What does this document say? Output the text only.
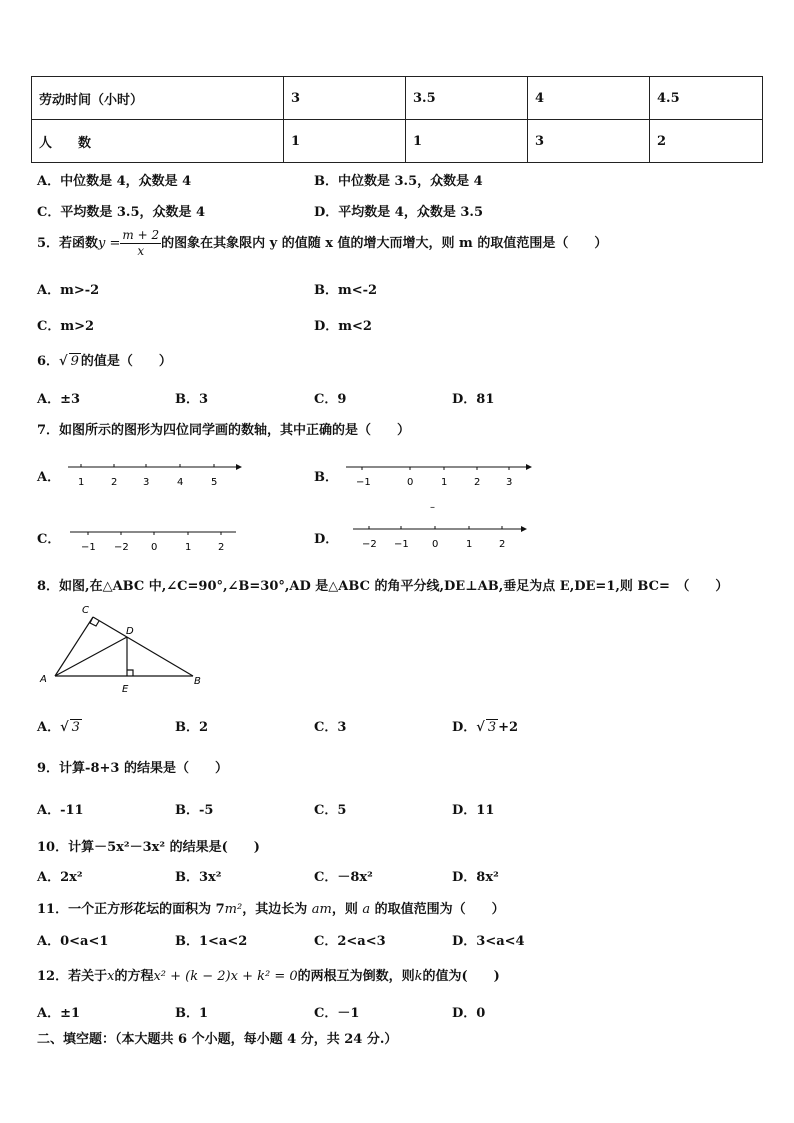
劳动时间（小时）	3	3.5	4	4.5
人　　数	1	1	3	2
A．中位数是 4，众数是 4	B．中位数是 3.5，众数是 4
C．平均数是 3.5，众数是 4	D．平均数是 4，众数是 3.5
5．若函数$y = \frac{m + 2}{x}$ 的图象在其象限内 y 的值随 x 值的增大而增大，则 m 的取值范围是（　　）
A．m>-2	B．m<-2
C．m>2	D．m<2
6．√ 9 的值是（　　）
A．±3	B．3	C．9	D．81
7．如图所示的图形为四位同学画的数轴，其中正确的是（　　）
A．	B．
C．	D．
1	2	3	4	5	−1	0	1	2	3
–
−1 −2 0	1	2	−2 −1 0	1	2
8．如图,在△ABC 中,∠C=90°,∠B=30°,AD 是△ABC 的角平分线,DE⊥AB,垂足为点 E,DE=1,则 BC=　（　　）
C
D
A
E
B
A．√ 3	B．2	C．3	D．√ 3 +2
9．计算-8+3 的结果是（　　）
A．-11	B．-5	C．5	D．11
10．计算－5x²－3x² 的结果是(　　)
A．2x²	B．3x²	C．－8x²	D．8x²
11．一个正方形花坛的面积为 7m²，其边长为 am，则 a 的取值范围为（　　）
A．0<a<1	B．1<a<2	C．2<a<3	D．3<a<4
12．若关于x的方程x² + (k − 2)x + k² = 0的两根互为倒数，则k的值为(　　)
A．±1	B．1	C．－1	D．0
二、填空题：（本大题共 6 个小题，每小题 4 分，共 24 分.）
